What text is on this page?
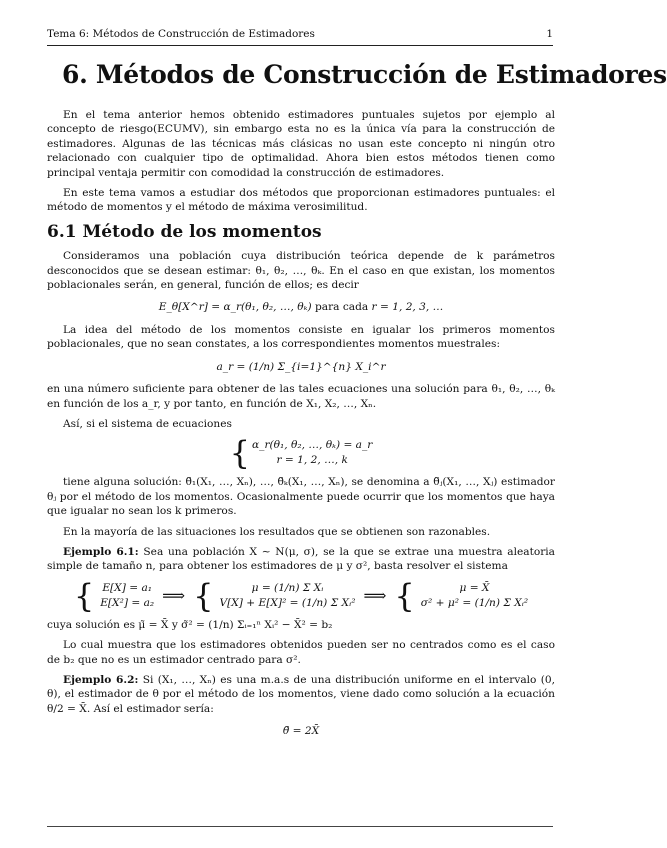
Tema 6: Métodos de Construcción de Estimadores	1
6. Métodos de Construcción de Estimadores

En el tema anterior hemos obtenido estimadores puntuales sujetos por ejemplo al concepto de riesgo(ECUMV), sin embargo esta no es la única vía para la construcción de estimadores. Algunas de las técnicas más clásicas no usan este concepto ni ningún otro relacionado con cualquier tipo de optimalidad. Ahora bien estos métodos tienen como principal ventaja permitir con comodidad la construcción de estimadores.

En este tema vamos a estudiar dos métodos que proporcionan estimadores puntuales: el método de momentos y el método de máxima verosimilitud.

6.1 Método de los momentos

Consideramos una población cuya distribución teórica depende de k parámetros desconocidos que se desean estimar: θ₁, θ₂, …, θₖ. En el caso en que existan, los momentos poblacionales serán, en general, función de ellos; es decir

E_θ[X^r] = α_r(θ₁, θ₂, …, θₖ) para cada r = 1, 2, 3, …

La idea del método de los momentos consiste en igualar los primeros momentos poblacionales, que no sean constates, a los correspondientes momentos muestrales:

a_r = (1/n) Σ_{i=1}^{n} X_i^r

en una número suficiente para obtener de las tales ecuaciones una solución para θ₁, θ₂, …, θₖ en función de los a_r, y por tanto, en función de X₁, X₂, …, Xₙ.

Así, si el sistema de ecuaciones

{ α_r(θ₁, θ₂, …, θₖ) = a_r
r = 1, 2, …, k

tiene alguna solución: θ̃₁(X₁, …, Xₙ), …, θ̃ₖ(X₁, …, Xₙ), se denomina a θ̃ⱼ(X₁, …, Xⱼ) estimador θⱼ por el método de los momentos. Ocasionalmente puede ocurrir que los momentos que haya que igualar no sean los k primeros.

En la mayoría de las situaciones los resultados que se obtienen son razonables.

Ejemplo 6.1: Sea una población X ∼ N(μ, σ), se la que se extrae una muestra aleatoria simple de tamaño n, para obtener los estimadores de μ y σ², basta resolver el sistema

{ E[X] = a₁
E[X²] = a₂ ⟹ {	μ = (1/n) Σ Xᵢ
V[X] + E[X]² = (1/n) Σ Xᵢ² ⟹ {	μ = X̄
σ² + μ² = (1/n) Σ Xᵢ²

cuya solución es μ̃ = X̄ y σ̃² = (1/n) Σᵢ₌₁ⁿ Xᵢ² − X̄² = b₂

Lo cual muestra que los estimadores obtenidos pueden ser no centrados como es el caso de b₂ que no es un estimador centrado para σ².

Ejemplo 6.2: Si (X₁, …, Xₙ) es una m.a.s de una distribución uniforme en el intervalo (0, θ), el estimador de θ por el método de los momentos, viene dado como solución a la ecuación θ/2 = X̄. Así el estimador sería:

θ̃ = 2X̄
